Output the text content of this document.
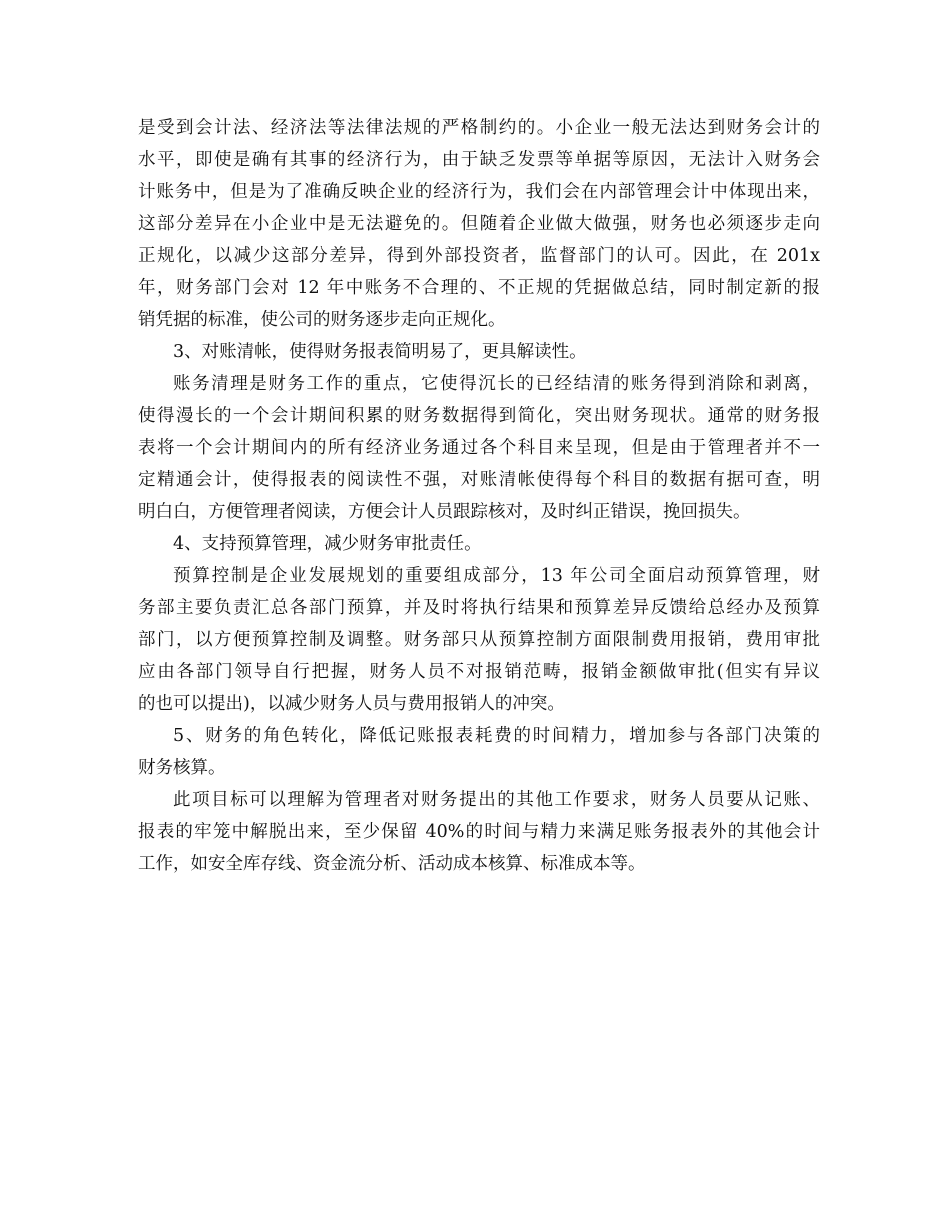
是受到会计法、经济法等法律法规的严格制约的。小企业一般无法达到财务会计的
水平，即使是确有其事的经济行为，由于缺乏发票等单据等原因，无法计入财务会
计账务中，但是为了准确反映企业的经济行为，我们会在内部管理会计中体现出来，
这部分差异在小企业中是无法避免的。但随着企业做大做强，财务也必须逐步走向
正规化，以减少这部分差异，得到外部投资者，监督部门的认可。因此，在 201x
年，财务部门会对 12 年中账务不合理的、不正规的凭据做总结，同时制定新的报
销凭据的标准，使公司的财务逐步走向正规化。
3、对账清帐，使得财务报表简明易了，更具解读性。
账务清理是财务工作的重点，它使得沉长的已经结清的账务得到消除和剥离，
使得漫长的一个会计期间积累的财务数据得到简化，突出财务现状。通常的财务报
表将一个会计期间内的所有经济业务通过各个科目来呈现，但是由于管理者并不一
定精通会计，使得报表的阅读性不强，对账清帐使得每个科目的数据有据可查，明
明白白，方便管理者阅读，方便会计人员跟踪核对，及时纠正错误，挽回损失。
4、支持预算管理，减少财务审批责任。
预算控制是企业发展规划的重要组成部分，13 年公司全面启动预算管理，财
务部主要负责汇总各部门预算，并及时将执行结果和预算差异反馈给总经办及预算
部门，以方便预算控制及调整。财务部只从预算控制方面限制费用报销，费用审批
应由各部门领导自行把握，财务人员不对报销范畴，报销金额做审批(但实有异议
的也可以提出)，以减少财务人员与费用报销人的冲突。
5、财务的角色转化，降低记账报表耗费的时间精力，增加参与各部门决策的
财务核算。
此项目标可以理解为管理者对财务提出的其他工作要求，财务人员要从记账、
报表的牢笼中解脱出来，至少保留 40%的时间与精力来满足账务报表外的其他会计
工作，如安全库存线、资金流分析、活动成本核算、标准成本等。
